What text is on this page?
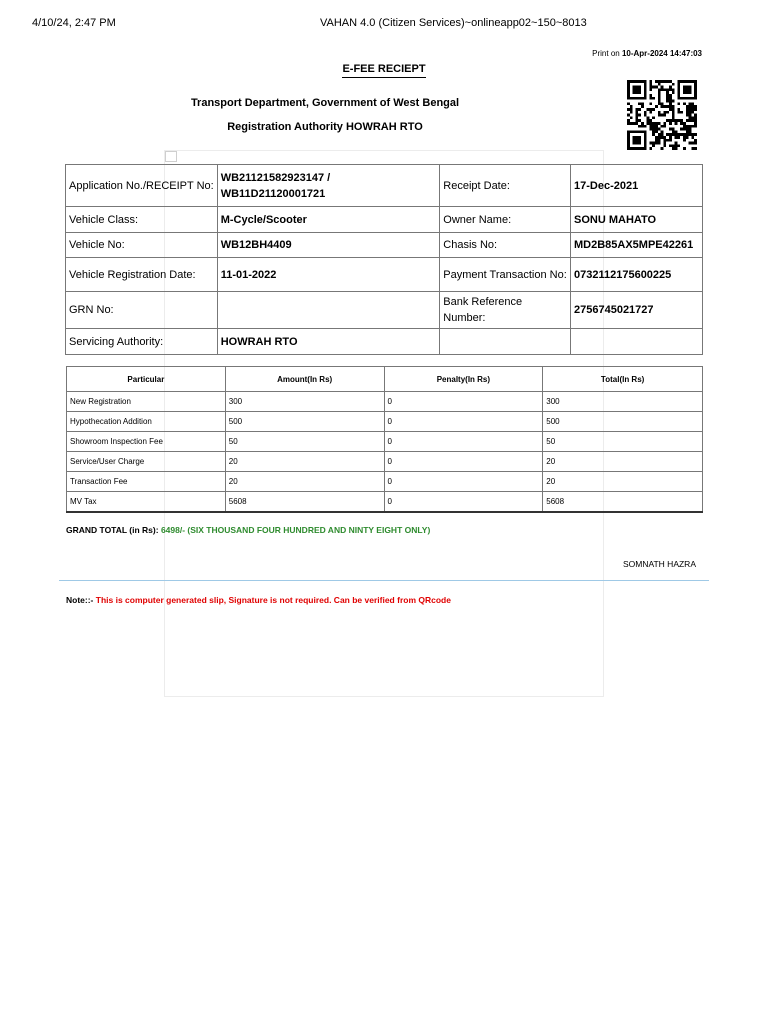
4/10/24, 2:47 PM	VAHAN 4.0 (Citizen Services)~onlineapp02~150~8013
Print on 10-Apr-2024 14:47:03
E-FEE RECIEPT
Transport Department, Government of West Bengal
Registration Authority HOWRAH RTO
Application No./RECEIPT No:	WB21121582923147 / WB11D21120001721	Receipt Date:	17-Dec-2021
Vehicle Class:	M-Cycle/Scooter	Owner Name:	SONU MAHATO
Vehicle No:	WB12BH4409	Chasis No:	MD2B85AX5MPE42261
Vehicle Registration Date:	11-01-2022	Payment Transaction No:	0732112175600225
GRN No:		Bank Reference Number:	2756745021727
Servicing Authority:	HOWRAH RTO		
Particular	Amount(In Rs)	Penalty(In Rs)	Total(In Rs)
New Registration	300	0	300
Hypothecation Addition	500	0	500
Showroom Inspection Fee	50	0	50
Service/User Charge	20	0	20
Transaction Fee	20	0	20
MV Tax	5608	0	5608
GRAND TOTAL (in Rs): 6498/- (SIX THOUSAND FOUR HUNDRED AND NINTY EIGHT ONLY)
SOMNATH HAZRA
Note::- This is computer generated slip, Signature is not required. Can be verified from QRcode
